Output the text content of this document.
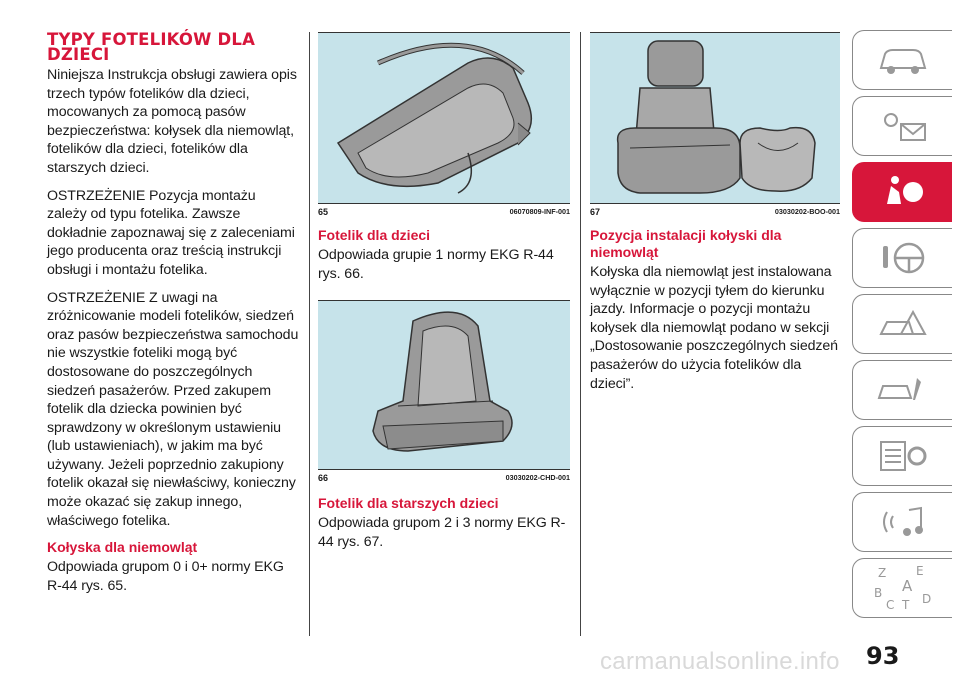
TYPY FOTELIKÓW DLA DZIECI

Niniejsza Instrukcja obsługi zawiera opis trzech typów fotelików dla dzieci, mocowanych za pomocą pasów bezpieczeństwa: kołysek dla niemowląt, fotelików dla dzieci, fotelików dla starszych dzieci.

OSTRZEŻENIE Pozycja montażu zależy od typu fotelika. Zawsze dokładnie zapoznawaj się z zaleceniami jego producenta oraz treścią instrukcji obsługi i montażu fotelika.

OSTRZEŻENIE Z uwagi na zróżnicowanie modeli fotelików, siedzeń oraz pasów bezpieczeństwa samochodu nie wszystkie foteliki mogą być dostosowane do poszczególnych siedzeń pasażerów. Przed zakupem fotelik dla dziecka powinien być sprawdzony w określonym ustawieniu (lub ustawieniach), w jakim ma być używany. Jeżeli poprzednio zakupiony fotelik okazał się niewłaściwy, konieczny może okazać się zakup innego, właściwego fotelika.

Kołyska dla niemowląt

Odpowiada grupom 0 i 0+ normy EKG R-44 rys. 65.

65	06070809-INF-001
Fotelik dla dzieci

Odpowiada grupie 1 normy EKG R-44 rys. 66.

66	03030202-CHD-001
Fotelik dla starszych dzieci

Odpowiada grupom 2 i 3 normy EKG R-44 rys. 67.

67	03030202-BOO-001
Pozycja instalacji kołyski dla niemowląt

Kołyska dla niemowląt jest instalowana wyłącznie w pozycji tyłem do kierunku jazdy. Informacje o pozycji montażu kołysek dla niemowląt podano w sekcji „Dostosowanie poszczególnych siedzeń pasażerów do użycia fotelików dla dzieci”.

Z E
A
B
C T D
carmanualsonline.info 93
